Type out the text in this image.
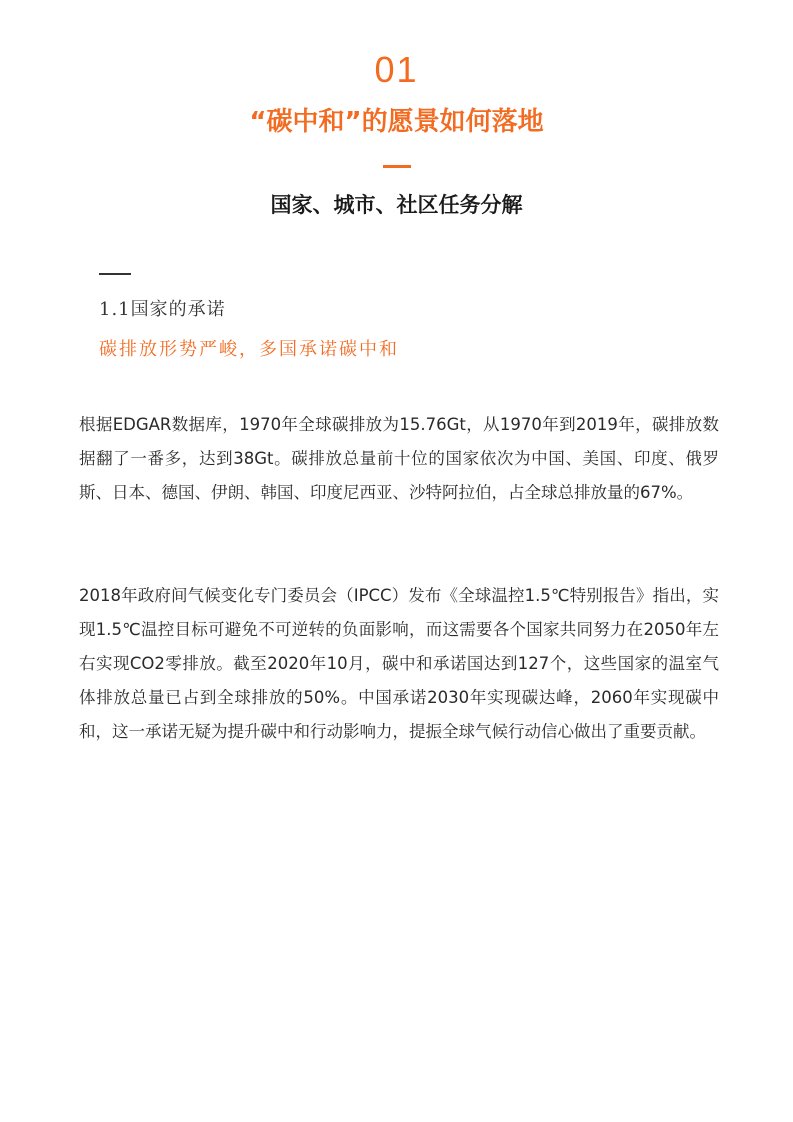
01
“碳中和”的愿景如何落地
国家、城市、社区任务分解
1.1国家的承诺
碳排放形势严峻，多国承诺碳中和

根据EDGAR数据库，1970年全球碳排放为15.76Gt，从1970年到2019年，碳排放数据翻了一番多，达到38Gt。碳排放总量前十位的国家依次为中国、美国、印度、俄罗斯、日本、德国、伊朗、韩国、印度尼西亚、沙特阿拉伯，占全球总排放量的67%。

2018年政府间气候变化专门委员会（IPCC）发布《全球温控1.5℃特别报告》指出，实现1.5℃温控目标可避免不可逆转的负面影响，而这需要各个国家共同努力在2050年左右实现CO2零排放。截至2020年10月，碳中和承诺国达到127个，这些国家的温室气体排放总量已占到全球排放的50%。中国承诺2030年实现碳达峰，2060年实现碳中和，这一承诺无疑为提升碳中和行动影响力，提振全球气候行动信心做出了重要贡献。
